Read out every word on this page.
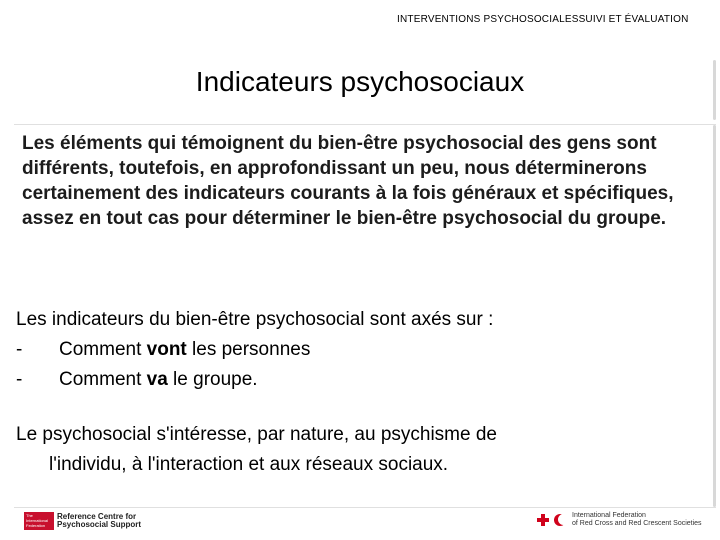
INTERVENTIONS PSYCHOSOCIALESSUIVI ET ÉVALUATION
Indicateurs psychosociaux
Les éléments qui témoignent du bien-être psychosocial des gens sont différents, toutefois, en approfondissant un peu, nous déterminerons certainement des indicateurs courants à la fois généraux et spécifiques, assez en tout cas pour déterminer le bien-être psychosocial du groupe.
Les indicateurs du bien-être psychosocial sont axés sur :
-	Comment vont les personnes
-	Comment va le groupe.
Le psychosocial s'intéresse, par nature, au psychisme de
l'individu, à l'interaction et aux réseaux sociaux.
The International Federation
Reference Centre for
Psychosocial Support
International Federation
of Red Cross and Red Crescent Societies
